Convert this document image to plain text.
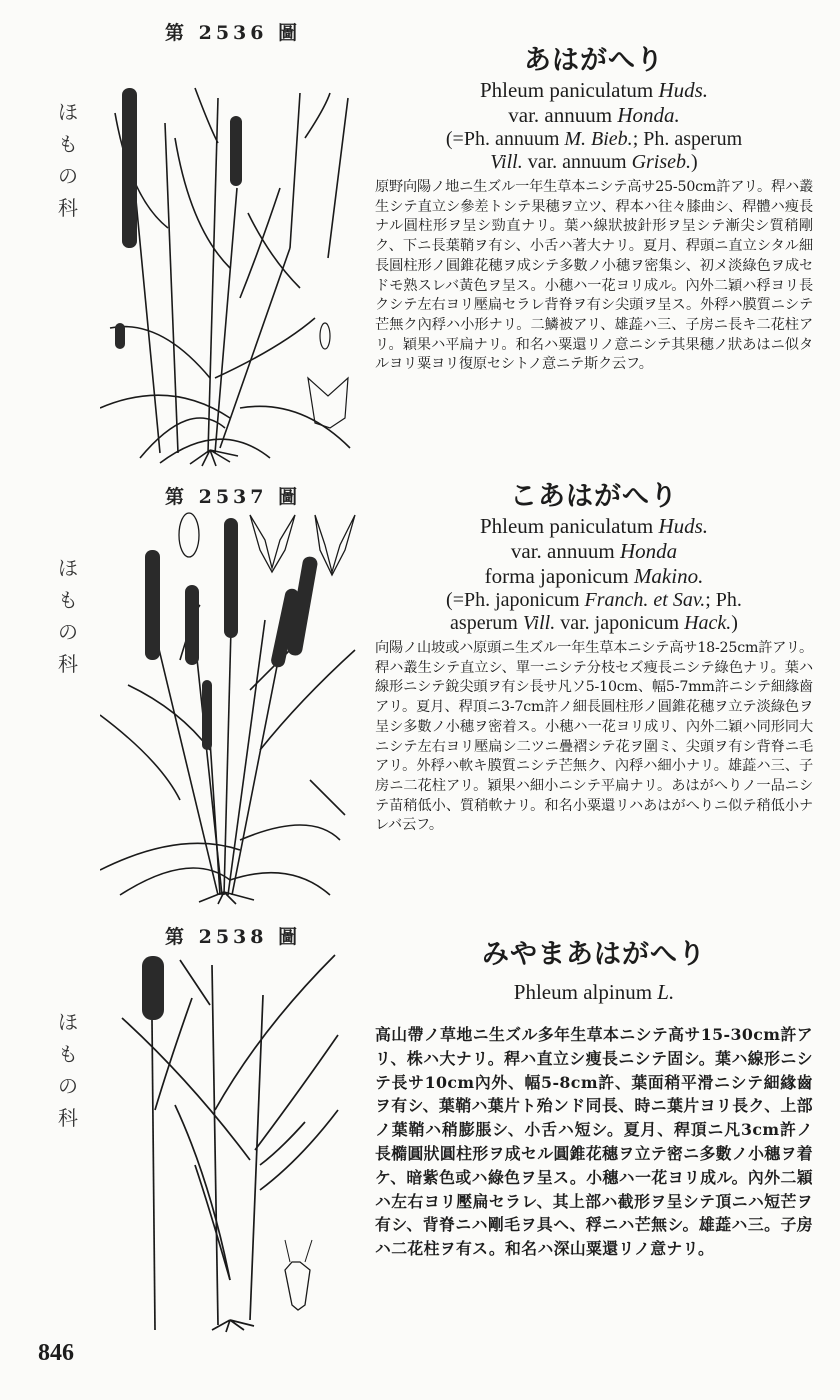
第 2536 圖
ほ
も
の
科
あはがへり
Phleum paniculatum Huds.
var. annuum Honda.
(=Ph. annuum M. Bieb.; Ph. asperum
Vill. var. annuum Griseb.)
原野向陽ノ地ニ生ズル一年生草本ニシテ高サ25-50cm許アリ。稈ハ叢生シテ直立シ參差トシテ果穗ヲ立ツ、稈本ハ往々膝曲シ、稈體ハ痩長ナル圓柱形ヲ呈シ勁直ナリ。葉ハ線狀披針形ヲ呈シテ漸尖シ質稍剛ク、下ニ長葉鞘ヲ有シ、小舌ハ著大ナリ。夏月、稈頭ニ直立シタル細長圓柱形ノ圓錐花穗ヲ成シテ多數ノ小穗ヲ密集シ、初メ淡綠色ヲ成セドモ熟スレバ黃色ヲ呈ス。小穗ハ一花ヨリ成ル。內外二穎ハ稃ヨリ長クシテ左右ヨリ壓扁セラレ背脊ヲ有シ尖頭ヲ呈ス。外稃ハ膜質ニシテ芒無ク內稃ハ小形ナリ。二鱗被アリ、雄蕋ハ三、子房ニ長キ二花柱アリ。穎果ハ平扁ナリ。和名ハ粟還リノ意ニシテ其果穗ノ狀あはニ似タルヨリ粟ヨリ復原セシトノ意ニテ斯ク云フ。
第 2537 圖
ほ
も
の
科
こあはがへり
Phleum paniculatum Huds.
var. annuum Honda
forma japonicum Makino.
(=Ph. japonicum Franch. et Sav.; Ph.
asperum Vill. var. japonicum Hack.)
向陽ノ山坡或ハ原頭ニ生ズル一年生草本ニシテ高サ18-25cm許アリ。稈ハ叢生シテ直立シ、單一ニシテ分枝セズ痩長ニシテ綠色ナリ。葉ハ線形ニシテ銳尖頭ヲ有シ長サ凡ソ5-10cm、幅5-7mm許ニシテ細緣齒アリ。夏月、稈頂ニ3-7cm許ノ細長圓柱形ノ圓錐花穗ヲ立テ淡綠色ヲ呈シ多數ノ小穗ヲ密着ス。小穗ハ一花ヨリ成リ、內外二穎ハ同形同大ニシテ左右ヨリ壓扁シ二ツニ疊褶シテ花ヲ圍ミ、尖頭ヲ有シ背脊ニ毛アリ。外稃ハ軟キ膜質ニシテ芒無ク、內稃ハ細小ナリ。雄蕋ハ三、子房ニ二花柱アリ。穎果ハ細小ニシテ平扁ナリ。あはがへりノ一品ニシテ苗稍低小、質稍軟ナリ。和名小粟還リハあはがへりニ似テ稍低小ナレバ云フ。
第 2538 圖
ほ
も
の
科
みやまあはがへり
Phleum alpinum L.
高山帶ノ草地ニ生ズル多年生草本ニシテ高サ15-30cm許アリ、株ハ大ナリ。稈ハ直立シ痩長ニシテ固シ。葉ハ線形ニシテ長サ10cm內外、幅5-8cm許、葉面稍平滑ニシテ細緣齒ヲ有シ、葉鞘ハ葉片ト殆ンド同長、時ニ葉片ヨリ長ク、上部ノ葉鞘ハ稍膨脹シ、小舌ハ短シ。夏月、稈頂ニ凡3cm許ノ長橢圓狀圓柱形ヲ成セル圓錐花穗ヲ立テ密ニ多數ノ小穗ヲ着ケ、暗紫色或ハ綠色ヲ呈ス。小穗ハ一花ヨリ成ル。內外二穎ハ左右ヨリ壓扁セラレ、其上部ハ截形ヲ呈シテ頂ニハ短芒ヲ有シ、背脊ニハ剛毛ヲ具ヘ、稃ニハ芒無シ。雄蕋ハ三。子房ハ二花柱ヲ有ス。和名ハ深山粟還リノ意ナリ。
846
